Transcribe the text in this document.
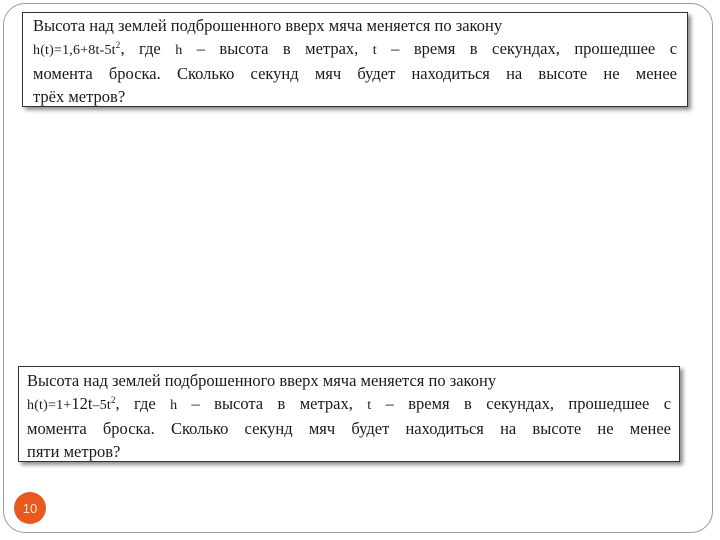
Высота над землей подброшенного вверх мяча меняется по закону
$h(t)=1,6+8t-5t^2$, где h – высота в метрах, t – время в секундах, прошедшее с
момента броска. Сколько секунд мяч будет находиться на высоте не менее
трёх метров?
Высота над землей подброшенного вверх мяча меняется по закону
$h(t)=1+12t-5t^2$, где h – высота в метрах, t – время в секундах, прошедшее с
момента броска. Сколько секунд мяч будет находиться на высоте не менее
пяти метров?
10
